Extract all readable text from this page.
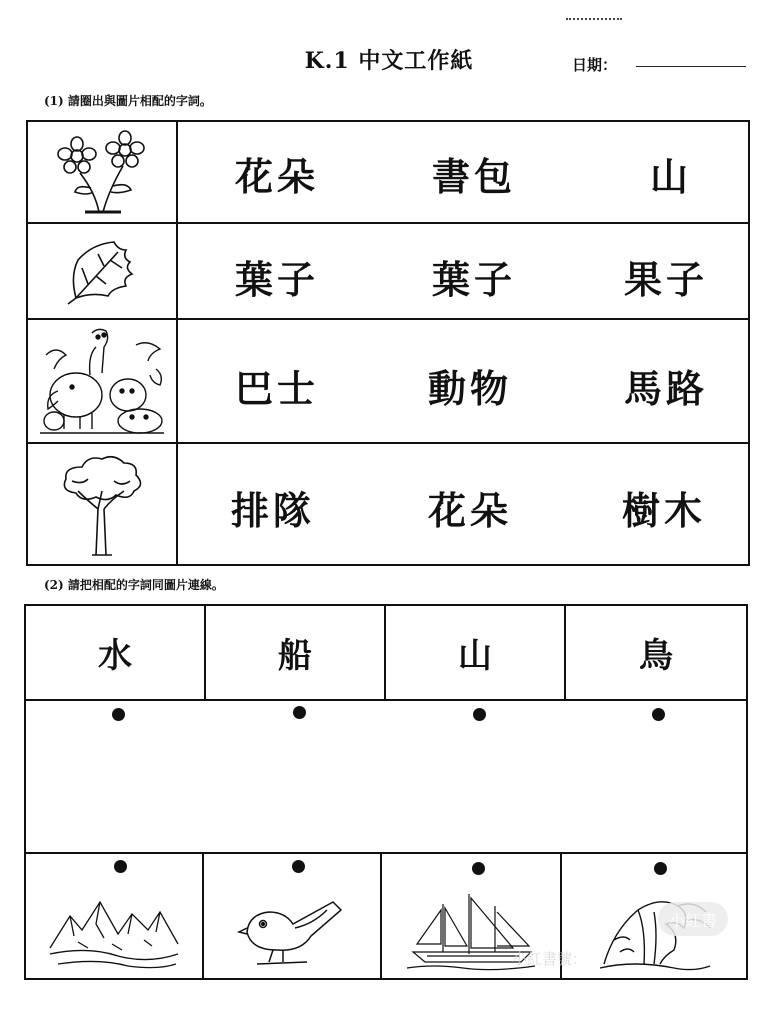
K.1 中文工作紙	日期：
(1) 請圈出與圖片相配的字詞。
花朵	書包	山
葉子	葉子	果子
巴士	動物	馬路
排隊	花朵	樹木
(2) 請把相配的字詞同圖片連線。
水	船	山	鳥
小紅書
小紅書號：
